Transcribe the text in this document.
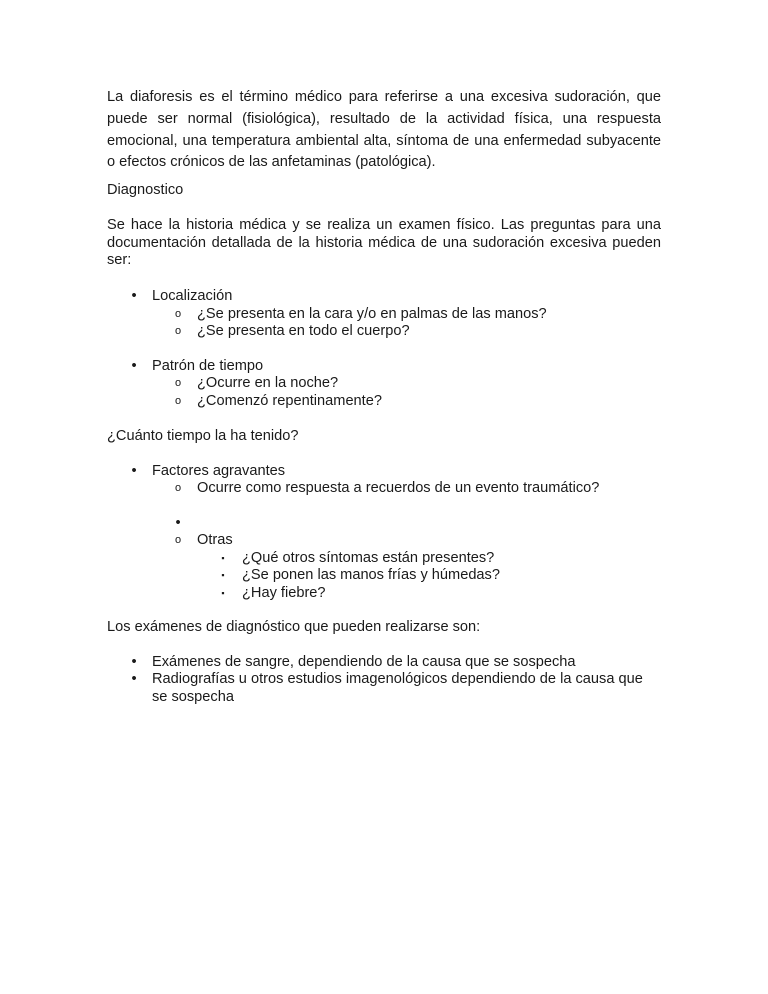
La diaforesis es el término médico para referirse a una excesiva sudoración, que puede ser normal (fisiológica), resultado de la actividad física, una respuesta emocional, una temperatura ambiental alta, síntoma de una enfermedad subyacente o efectos crónicos de las anfetaminas (patológica).

Diagnostico

Se hace la historia médica y se realiza un examen físico. Las preguntas para una documentación detallada de la historia médica de una sudoración excesiva pueden ser:

• Localización
o ¿Se presenta en la cara y/o en palmas de las manos?
o ¿Se presenta en todo el cuerpo?
• Patrón de tiempo
o ¿Ocurre en la noche?
o ¿Comenzó repentinamente?
¿Cuánto tiempo la ha tenido?
• Factores agravantes
o Ocurre como respuesta a recuerdos de un evento traumático?
•
o Otras
▪ ¿Qué otros síntomas están presentes?
▪ ¿Se ponen las manos frías y húmedas?
▪ ¿Hay fiebre?
Los exámenes de diagnóstico que pueden realizarse son:
• Exámenes de sangre, dependiendo de la causa que se sospecha
• Radiografías u otros estudios imagenológicos dependiendo de la causa que se sospecha
